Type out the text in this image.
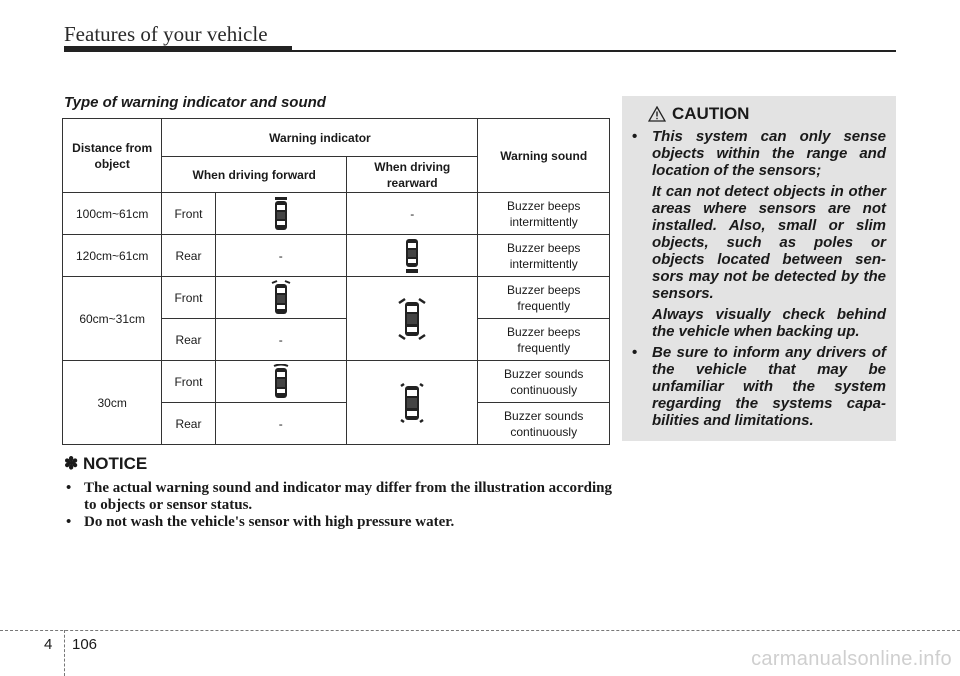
Features of your vehicle
Type of warning indicator and sound
Distance from object	Warning indicator			Warning sound
	When driving forward		When driving rearward	
100cm~61cm	Front		-	Buzzer beeps intermittently
120cm~61cm	Rear	-		Buzzer beeps intermittently
60cm~31cm	Front			Buzzer beeps frequently
	Rear	-		Buzzer beeps frequently
30cm	Front			Buzzer sounds continuously
	Rear	-		Buzzer sounds continuously
✽ NOTICE
• The actual warning sound and indicator may differ from the illustration according to objects or sensor status.
• Do not wash the vehicle's sensor with high pressure water.
CAUTION

• This system can only sense objects within the range and location of the sensors;

It can not detect objects in other areas where sensors are not installed. Also, small or slim objects, such as poles or objects located between sen-sors may not be detected by the sensors.

Always visually check behind the vehicle when backing up.

• Be sure to inform any drivers of the vehicle that may be unfamiliar with the system regarding the systems capa-bilities and limitations.

4 106
carmanualsonline.info
